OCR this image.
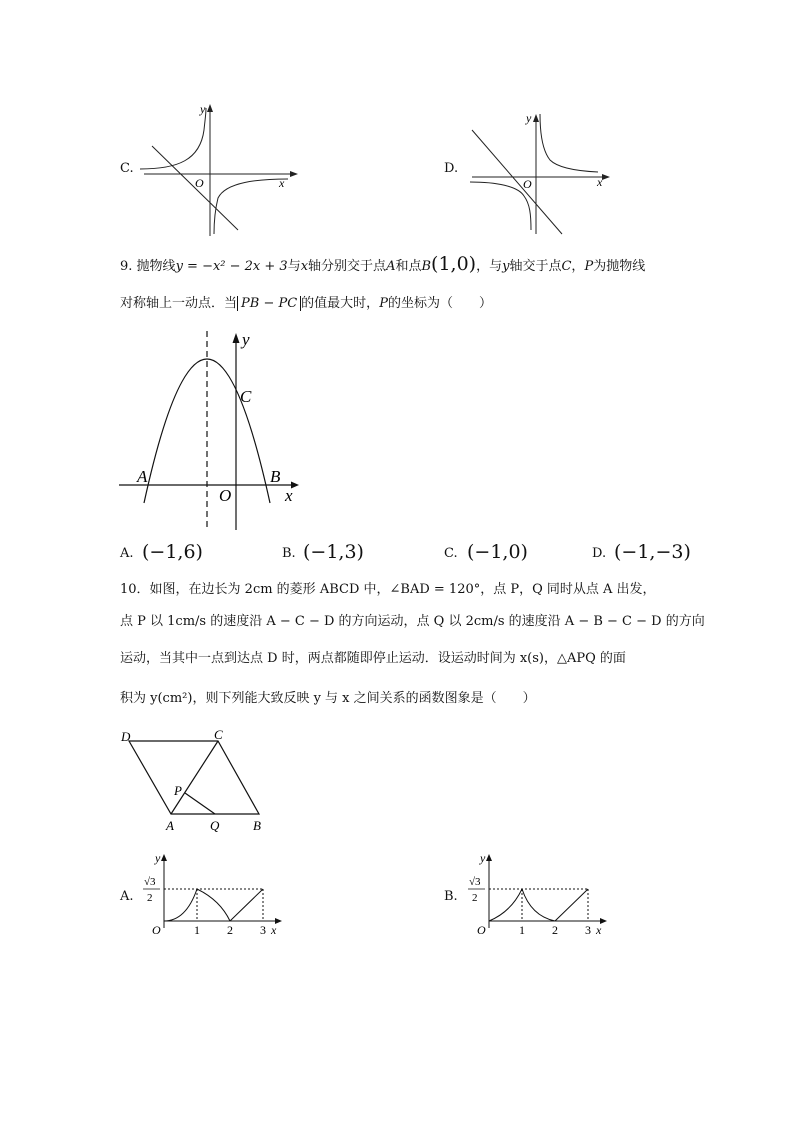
C.
y
x
O
D.
y
x
O
9. 抛物线y = −x² − 2x + 3与x轴分别交于点A和点B(1,0)，与y轴交于点C，P为抛物线
对称轴上一动点．当 PB − PC 的值最大时，P的坐标为（　　）
y
x
O
A	B
C
A. (−1,6)	B. (−1,3)	C. (−1,0)	D. (−1,−3)
10．如图，在边长为 2cm 的菱形 ABCD 中，∠BAD = 120°，点 P，Q 同时从点 A 出发，
点 P 以 1cm/s 的速度沿 A − C − D 的方向运动，点 Q 以 2cm/s 的速度沿 A − B − C − D 的方向
运动，当其中一点到达点 D 时，两点都随即停止运动．设运动时间为 x(s)，△APQ 的面
积为 y(cm²)，则下列能大致反映 y 与 x 之间关系的函数图象是（　　）
D	C
P
A	Q	B
A.
y
x
O	1 2 3
√3
2	B.
y
x
O	1 2 3
√3
2
